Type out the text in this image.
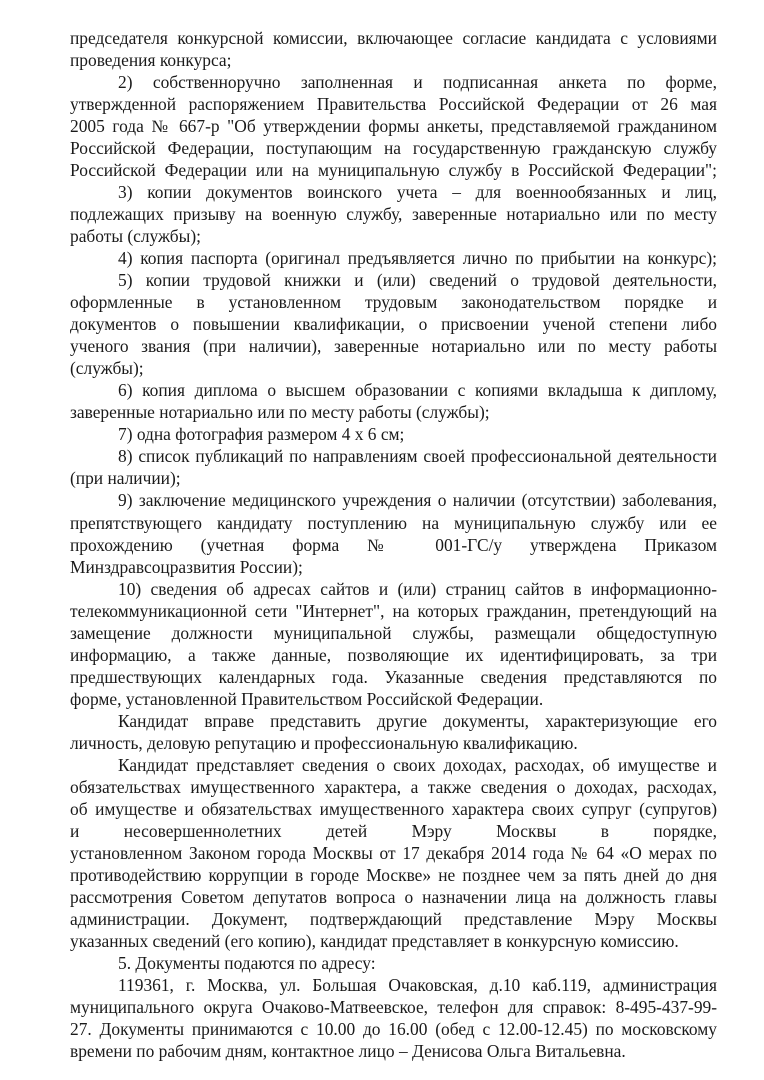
председателя конкурсной комиссии, включающее согласие кандидата с условиями
проведения конкурса;
2) собственноручно заполненная и подписанная анкета по форме,
утвержденной распоряжением Правительства Российской Федерации от 26 мая
2005 года № 667-р "Об утверждении формы анкеты, представляемой гражданином
Российской Федерации, поступающим на государственную гражданскую службу
Российской Федерации или на муниципальную службу в Российской Федерации";
3) копии документов воинского учета – для военнообязанных и лиц,
подлежащих призыву на военную службу, заверенные нотариально или по месту
работы (службы);
4) копия паспорта (оригинал предъявляется лично по прибытии на конкурс);
5) копии трудовой книжки и (или) сведений о трудовой деятельности,
оформленные в установленном трудовым законодательством порядке и
документов о повышении квалификации, о присвоении ученой степени либо
ученого звания (при наличии), заверенные нотариально или по месту работы
(службы);
6) копия диплома о высшем образовании с копиями вкладыша к диплому,
заверенные нотариально или по месту работы (службы);
7) одна фотография размером 4 х 6 см;
8) список публикаций по направлениям своей профессиональной деятельности
(при наличии);
9) заключение медицинского учреждения о наличии (отсутствии) заболевания,
препятствующего кандидату поступлению на муниципальную службу или ее
прохождению (учетная форма № 001-ГС/у утверждена Приказом
Минздравсоцразвития России);
10) сведения об адресах сайтов и (или) страниц сайтов в информационно-
телекоммуникационной сети "Интернет", на которых гражданин, претендующий на
замещение должности муниципальной службы, размещали общедоступную
информацию, а также данные, позволяющие их идентифицировать, за три
предшествующих календарных года. Указанные сведения представляются по
форме, установленной Правительством Российской Федерации.
Кандидат вправе представить другие документы, характеризующие его
личность, деловую репутацию и профессиональную квалификацию.
Кандидат представляет сведения о своих доходах, расходах, об имуществе и
обязательствах имущественного характера, а также сведения о доходах, расходах,
об имуществе и обязательствах имущественного характера своих супруг (супругов)
и несовершеннолетних детей Мэру Москвы в порядке,
установленном Законом города Москвы от 17 декабря 2014 года № 64 «О мерах по
противодействию коррупции в городе Москве» не позднее чем за пять дней до дня
рассмотрения Советом депутатов вопроса о назначении лица на должность главы
администрации. Документ, подтверждающий представление Мэру Москвы
указанных сведений (его копию), кандидат представляет в конкурсную комиссию.
5. Документы подаются по адресу:
119361, г. Москва, ул. Большая Очаковская, д.10 каб.119, администрация
муниципального округа Очаково-Матвеевское, телефон для справок: 8-495-437-99-
27. Документы принимаются с 10.00 до 16.00 (обед с 12.00-12.45) по московскому
времени по рабочим дням, контактное лицо – Денисова Ольга Витальевна.
